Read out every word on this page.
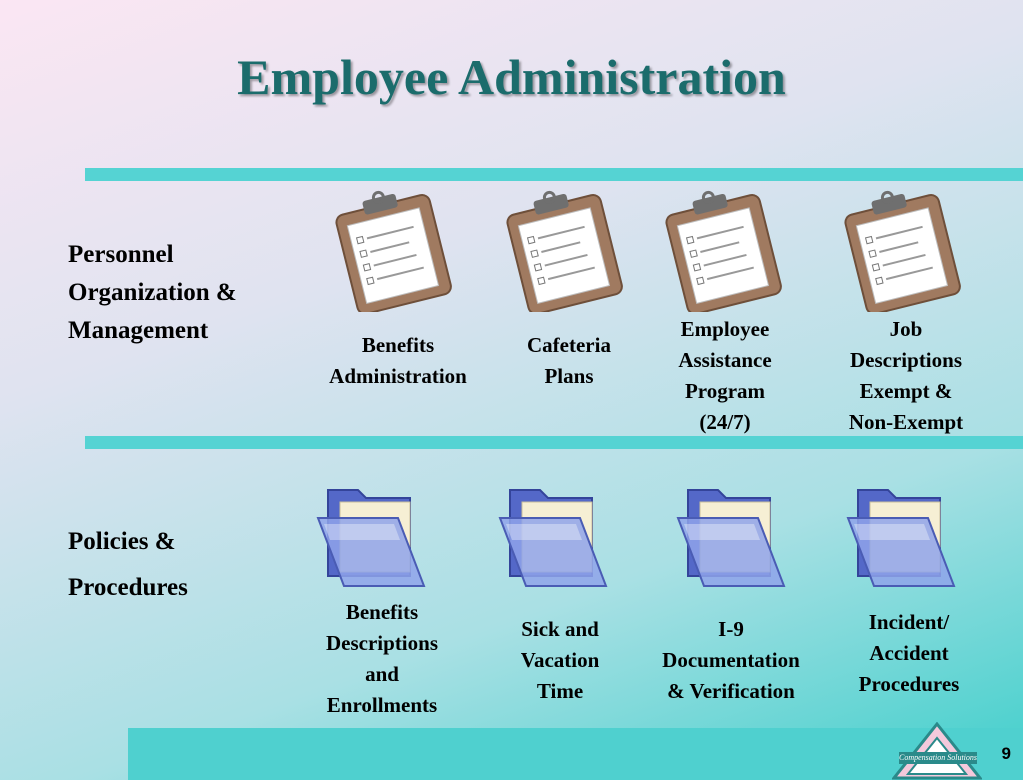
Employee Administration
Personnel
Organization &
Management
Policies &
Procedures
Benefits
Administration
Cafeteria
Plans
Employee
Assistance
Program
(24/7)
Job
Descriptions
Exempt &
Non-Exempt
Benefits
Descriptions
and
Enrollments
Sick and
Vacation
Time
I-9
Documentation
& Verification
Incident/
Accident
Procedures
Compensation Solutions 9
